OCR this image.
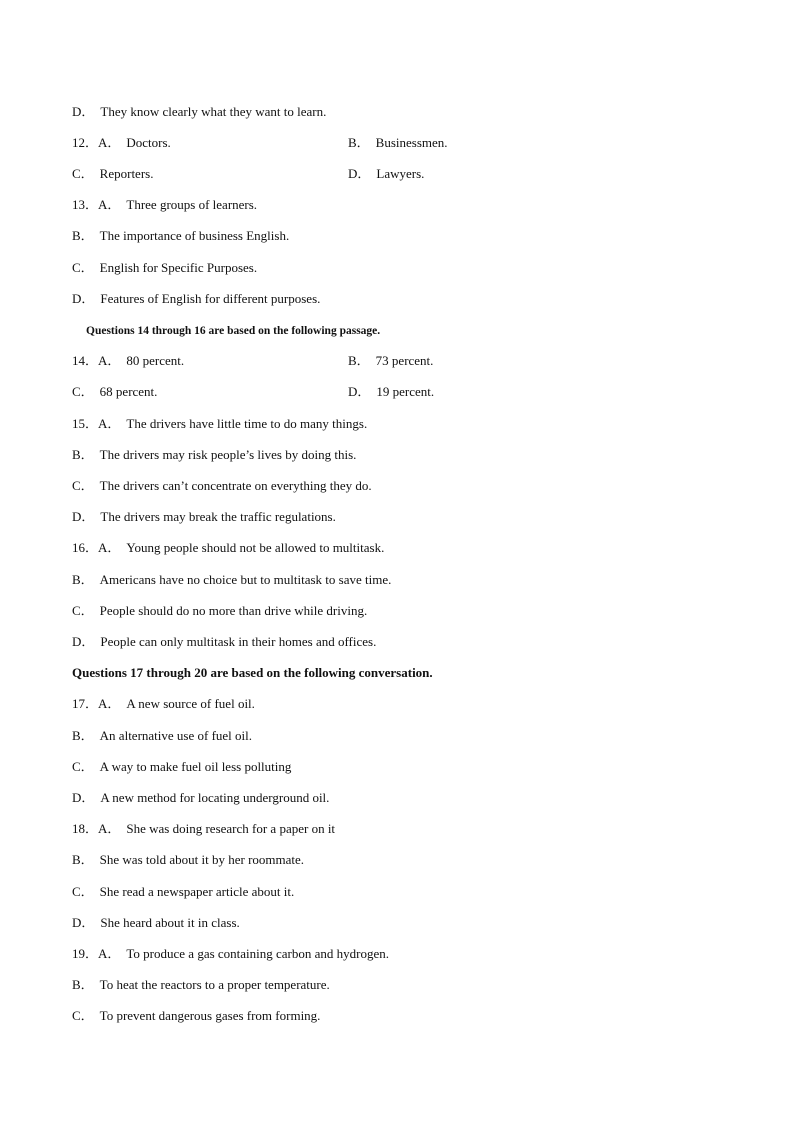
D． They know clearly what they want to learn.
12．A． Doctors.	B． Businessmen.
C． Reporters.	D． Lawyers.
13．A． Three groups of learners.
B． The importance of business English.
C． English for Specific Purposes.
D． Features of English for different purposes.
Questions 14 through 16 are based on the following passage.
14．A． 80 percent.	B． 73 percent.
C． 68 percent.	D． 19 percent.
15．A． The drivers have little time to do many things.
B． The drivers may risk people’s lives by doing this.
C． The drivers can’t concentrate on everything they do.
D． The drivers may break the traffic regulations.
16．A． Young people should not be allowed to multitask.
B． Americans have no choice but to multitask to save time.
C． People should do no more than drive while driving.
D． People can only multitask in their homes and offices.
Questions 17 through 20 are based on the following conversation.
17．A． A new source of fuel oil.
B． An alternative use of fuel oil.
C． A way to make fuel oil less polluting
D． A new method for locating underground oil.
18．A． She was doing research for a paper on it
B． She was told about it by her roommate.
C． She read a newspaper article about it.
D． She heard about it in class.
19．A． To produce a gas containing carbon and hydrogen.
B． To heat the reactors to a proper temperature.
C． To prevent dangerous gases from forming.
